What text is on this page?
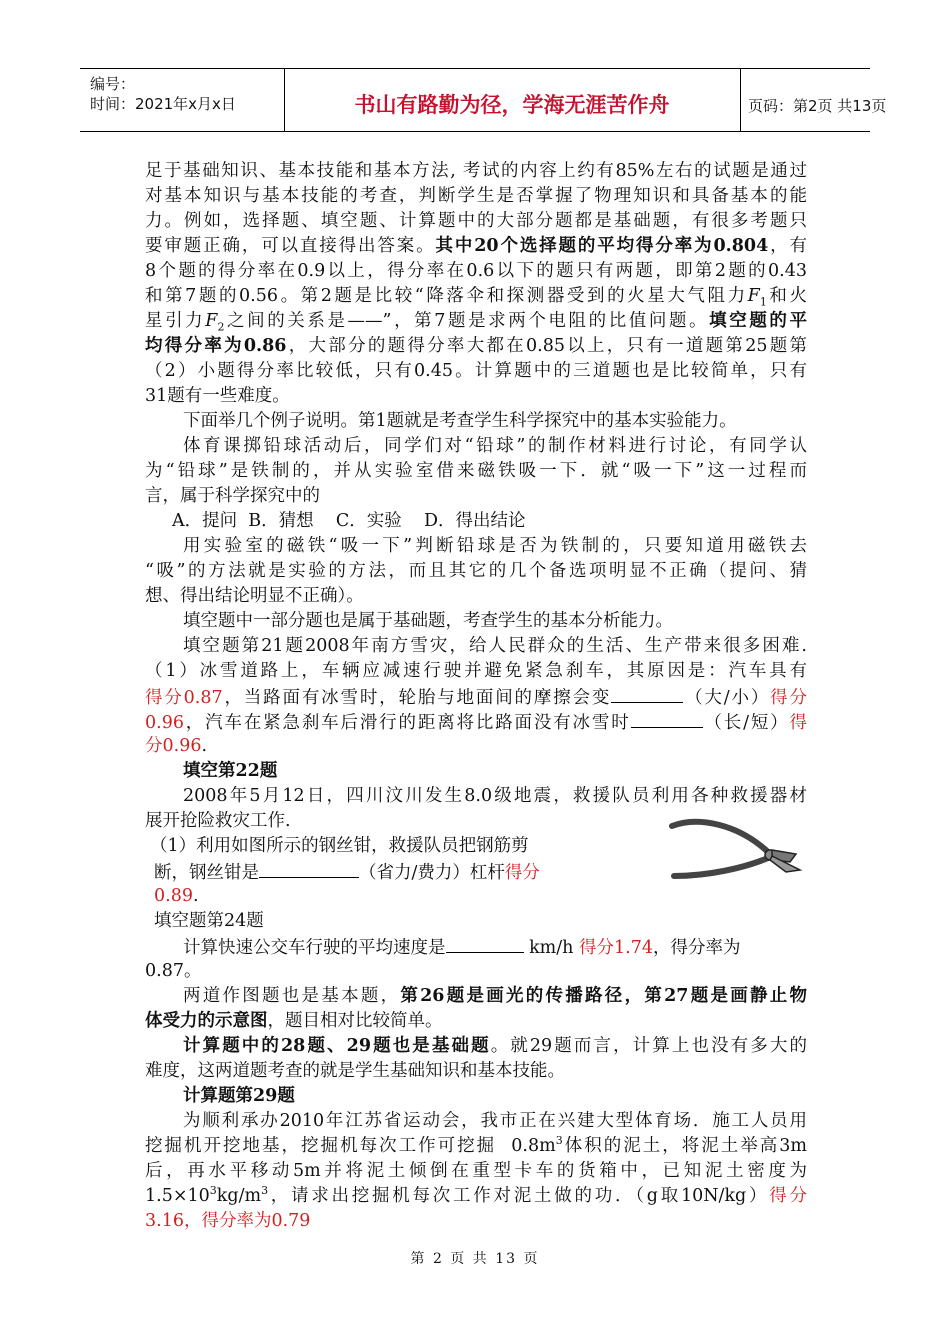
编号：
时间：2021年x月x日	书山有路勤为径，学海无涯苦作舟	页码：第2页 共13页
足于基础知识、基本技能和基本方法, 考试的内容上约有85%左右的试题是通过
对基本知识与基本技能的考查，判断学生是否掌握了物理知识和具备基本的能
力。例如，选择题、填空题、计算题中的大部分题都是基础题，有很多考题只
要审题正确，可以直接得出答案。其中20个选择题的平均得分率为0.804，有
8个题的得分率在0.9以上，得分率在0.6以下的题只有两题，即第2题的0.43
和第7题的0.56。第2题是比较“降落伞和探测器受到的火星大气阻力$F_1$和火
星引力$F_2$之间的关系是——”，第7题是求两个电阻的比值问题。填空题的平
均得分率为0.86，大部分的题得分率大都在0.85以上，只有一道题第25题第
（2）小题得分率比较低，只有0.45。计算题中的三道题也是比较简单，只有
31题有一些难度。
下面举几个例子说明。第1题就是考查学生科学探究中的基本实验能力。
体育课掷铅球活动后，同学们对“铅球”的制作材料进行讨论，有同学认
为“铅球”是铁制的，并从实验室借来磁铁吸一下．就“吸一下”这一过程而
言，属于科学探究中的
A．提问  B．猜想    C．实验    D．得出结论
用实验室的磁铁“吸一下”判断铅球是否为铁制的，只要知道用磁铁去
“吸”的方法就是实验的方法，而且其它的几个备选项明显不正确（提问、猜
想、得出结论明显不正确）。
填空题中一部分题也是属于基础题，考查学生的基本分析能力。
填空题第21题2008年南方雪灾，给人民群众的生活、生产带来很多困难.
（1）冰雪道路上，车辆应减速行驶并避免紧急刹车，其原因是：汽车具有
得分0.87，当路面有冰雪时，轮胎与地面间的摩擦会变	（大/小）得分
0.96，汽车在紧急刹车后滑行的距离将比路面没有冰雪时	（长/短）得
分0.96.
填空第22题
2008年5月12日，四川汶川发生8.0级地震，救援队员利用各种救援器材
展开抢险救灾工作.
（1）利用如图所示的钢丝钳，救援队员把钢筋剪
断，钢丝钳是	（省力/费力）杠杆得分
0.89.
填空题第24题
计算快速公交车行驶的平均速度是	km/h 得分1.74，得分率为
0.87。
两道作图题也是基本题，第26题是画光的传播路径，第27题是画静止物
体受力的示意图，题目相对比较简单。
计算题中的28题、29题也是基础题。就29题而言，计算上也没有多大的
难度，这两道题考查的就是学生基础知识和基本技能。
计算题第29题
为顺利承办2010年江苏省运动会，我市正在兴建大型体育场．施工人员用
挖掘机开挖地基，挖掘机每次工作可挖掘  $0.8m^3$体积的泥土，将泥土举高3m
后，再水平移动5m并将泥土倾倒在重型卡车的货箱中，已知泥土密度为
$1.5\times 10^3kg/m^3$，请求出挖掘机每次工作对泥土做的功．（g取10N/kg）得分
3.16，得分率为0.79
第 2 页 共 13 页
